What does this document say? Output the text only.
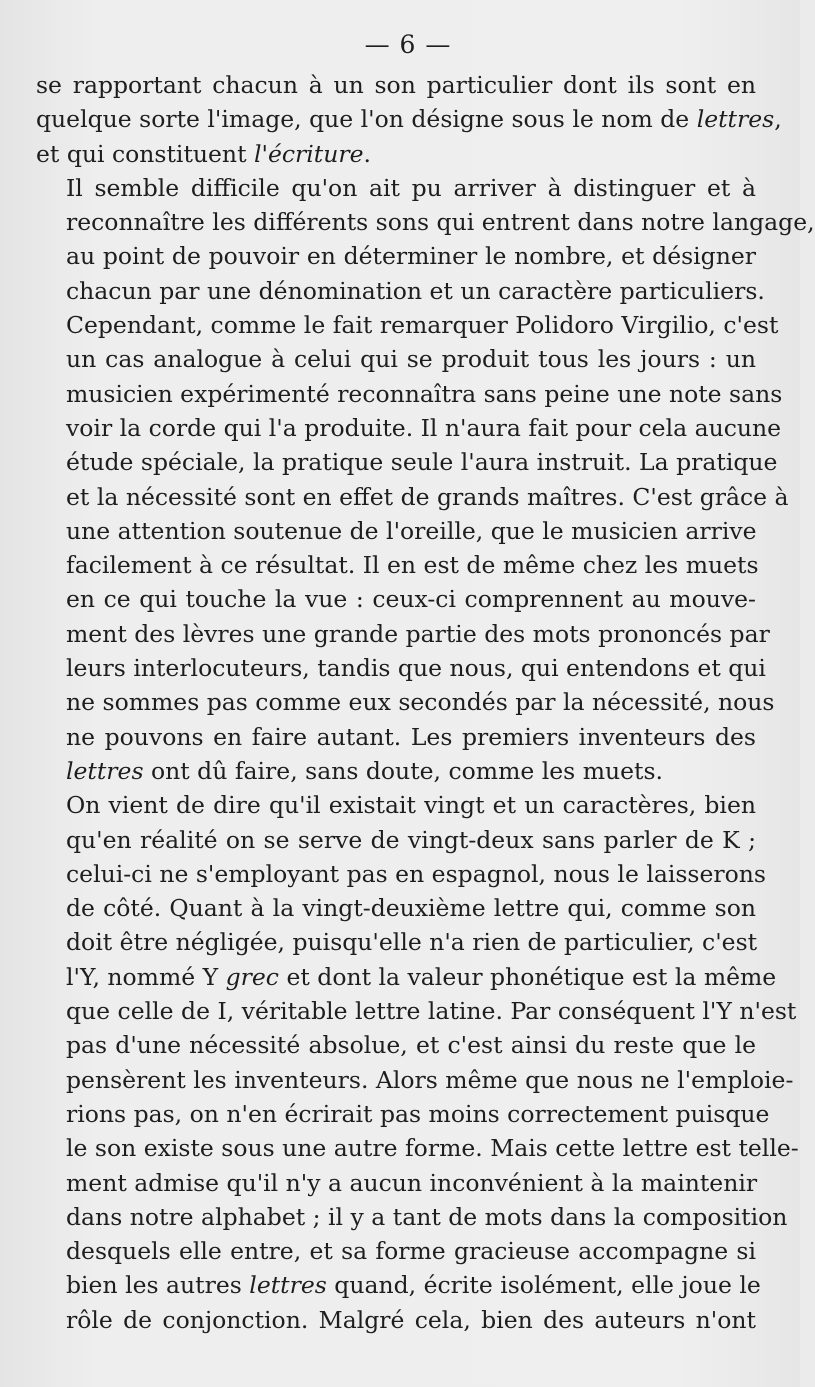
— 6 —

se rapportant chacun à un son particulier dont ils sont en
quelque sorte l'image, que l'on désigne sous le nom de lettres,
et qui constituent l'écriture.

Il semble difficile qu'on ait pu arriver à distinguer et à
reconnaître les différents sons qui entrent dans notre langage,
au point de pouvoir en déterminer le nombre, et désigner
chacun par une dénomination et un caractère particuliers.
Cependant, comme le fait remarquer Polidoro Virgilio, c'est
un cas analogue à celui qui se produit tous les jours : un
musicien expérimenté reconnaîtra sans peine une note sans
voir la corde qui l'a produite. Il n'aura fait pour cela aucune
étude spéciale, la pratique seule l'aura instruit. La pratique
et la nécessité sont en effet de grands maîtres. C'est grâce à
une attention soutenue de l'oreille, que le musicien arrive
facilement à ce résultat. Il en est de même chez les muets
en ce qui touche la vue : ceux-ci comprennent au mouve-
ment des lèvres une grande partie des mots prononcés par
leurs interlocuteurs, tandis que nous, qui entendons et qui
ne sommes pas comme eux secondés par la nécessité, nous
ne pouvons en faire autant. Les premiers inventeurs des
lettres ont dû faire, sans doute, comme les muets.

On vient de dire qu'il existait vingt et un caractères, bien
qu'en réalité on se serve de vingt-deux sans parler de K ;
celui-ci ne s'employant pas en espagnol, nous le laisserons
de côté. Quant à la vingt-deuxième lettre qui, comme son
doit être négligée, puisqu'elle n'a rien de particulier, c'est
l'Y, nommé Y grec et dont la valeur phonétique est la même
que celle de I, véritable lettre latine. Par conséquent l'Y n'est
pas d'une nécessité absolue, et c'est ainsi du reste que le
pensèrent les inventeurs. Alors même que nous ne l'emploie-
rions pas, on n'en écrirait pas moins correctement puisque
le son existe sous une autre forme. Mais cette lettre est telle-
ment admise qu'il n'y a aucun inconvénient à la maintenir
dans notre alphabet ; il y a tant de mots dans la composition
desquels elle entre, et sa forme gracieuse accompagne si
bien les autres lettres quand, écrite isolément, elle joue le
rôle de conjonction. Malgré cela, bien des auteurs n'ont
